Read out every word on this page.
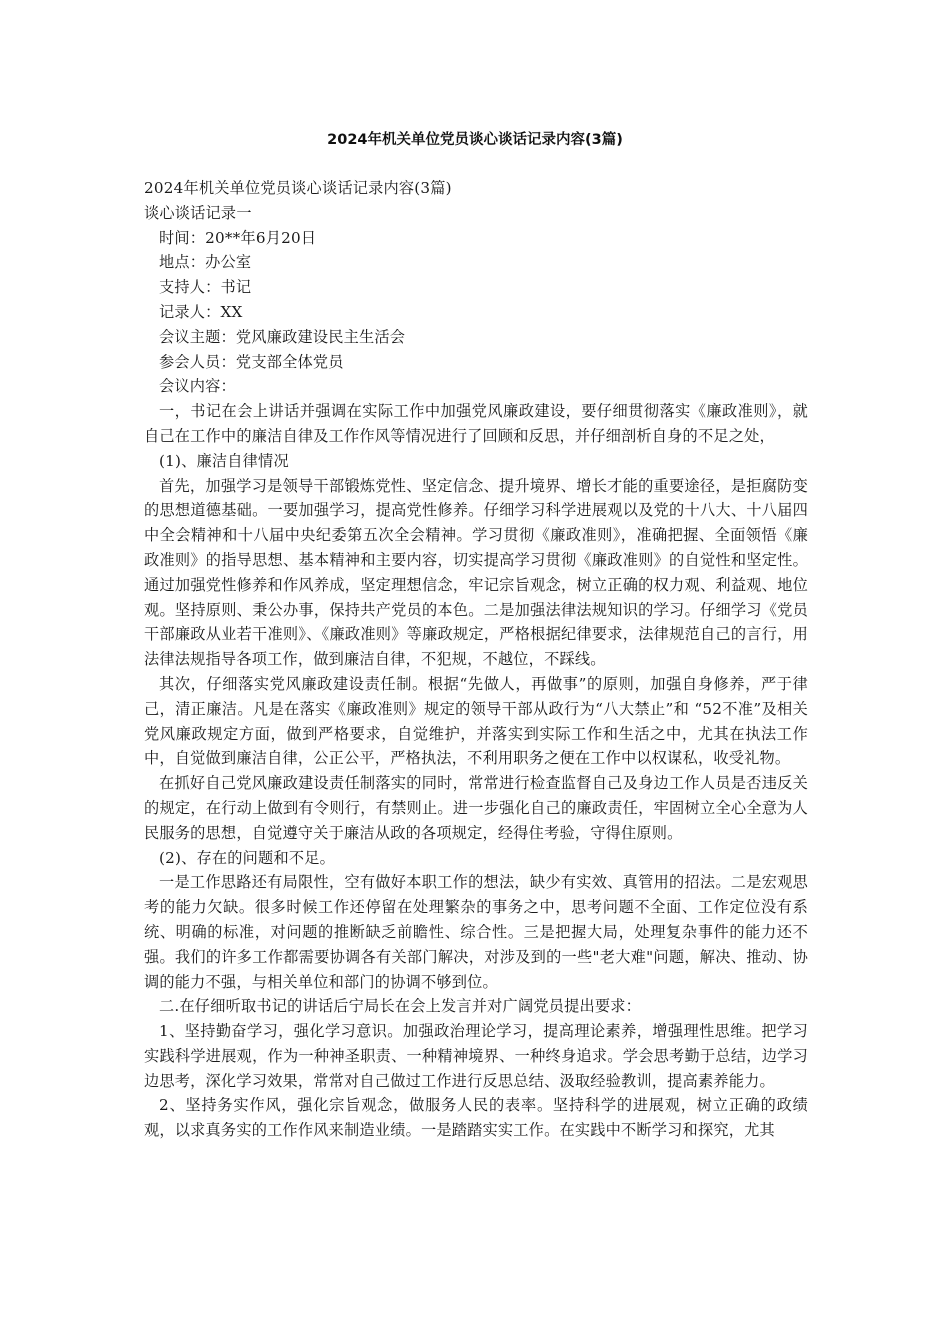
2024年机关单位党员谈心谈话记录内容(3篇)

2024年机关单位党员谈心谈话记录内容(3篇)

谈心谈话记录一

时间：20**年6月20日

地点：办公室

支持人：书记

记录人：XX

会议主题：党风廉政建设民主生活会

参会人员：党支部全体党员

会议内容：

一，书记在会上讲话并强调在实际工作中加强党风廉政建设，要仔细贯彻落实《廉政准则》，就自己在工作中的廉洁自律及工作作风等情况进行了回顾和反思，并仔细剖析自身的不足之处，

(1)、廉洁自律情况

首先，加强学习是领导干部锻炼党性、坚定信念、提升境界、增长才能的重要途径，是拒腐防变的思想道德基础。一要加强学习，提高党性修养。仔细学习科学进展观以及党的十八大、十八届四中全会精神和十八届中央纪委第五次全会精神。学习贯彻《廉政准则》，准确把握、全面领悟《廉政准则》的指导思想、基本精神和主要内容，切实提高学习贯彻《廉政准则》的自觉性和坚定性。通过加强党性修养和作风养成，坚定理想信念，牢记宗旨观念，树立正确的权力观、利益观、地位观。坚持原则、秉公办事，保持共产党员的本色。二是加强法律法规知识的学习。仔细学习《党员干部廉政从业若干准则》、《廉政准则》等廉政规定，严格根据纪律要求，法律规范自己的言行，用法律法规指导各项工作，做到廉洁自律，不犯规，不越位，不踩线。

其次，仔细落实党风廉政建设责任制。根据“先做人，再做事”的原则，加强自身修养，严于律己，清正廉洁。凡是在落实《廉政准则》规定的领导干部从政行为“八大禁止”和 “52不准”及相关党风廉政规定方面，做到严格要求，自觉维护，并落实到实际工作和生活之中，尤其在执法工作中，自觉做到廉洁自律，公正公平，严格执法，不利用职务之便在工作中以权谋私，收受礼物。

在抓好自己党风廉政建设责任制落实的同时，常常进行检查监督自己及身边工作人员是否违反关的规定，在行动上做到有令则行，有禁则止。进一步强化自己的廉政责任，牢固树立全心全意为人民服务的思想，自觉遵守关于廉洁从政的各项规定，经得住考验，守得住原则。

(2)、存在的问题和不足。

一是工作思路还有局限性，空有做好本职工作的想法，缺少有实效、真管用的招法。二是宏观思考的能力欠缺。很多时候工作还停留在处理繁杂的事务之中，思考问题不全面、工作定位没有系统、明确的标准，对问题的推断缺乏前瞻性、综合性。三是把握大局，处理复杂事件的能力还不强。我们的许多工作都需要协调各有关部门解决，对涉及到的一些"老大难"问题，解决、推动、协调的能力不强，与相关单位和部门的协调不够到位。

二.在仔细听取书记的讲话后宁局长在会上发言并对广阔党员提出要求：

1、坚持勤奋学习，强化学习意识。加强政治理论学习，提高理论素养，增强理性思维。把学习实践科学进展观，作为一种神圣职责、一种精神境界、一种终身追求。学会思考勤于总结，边学习边思考，深化学习效果，常常对自己做过工作进行反思总结、汲取经验教训，提高素养能力。

2、坚持务实作风，强化宗旨观念，做服务人民的表率。坚持科学的进展观，树立正确的政绩观，以求真务实的工作作风来制造业绩。一是踏踏实实工作。在实践中不断学习和探究，尤其
